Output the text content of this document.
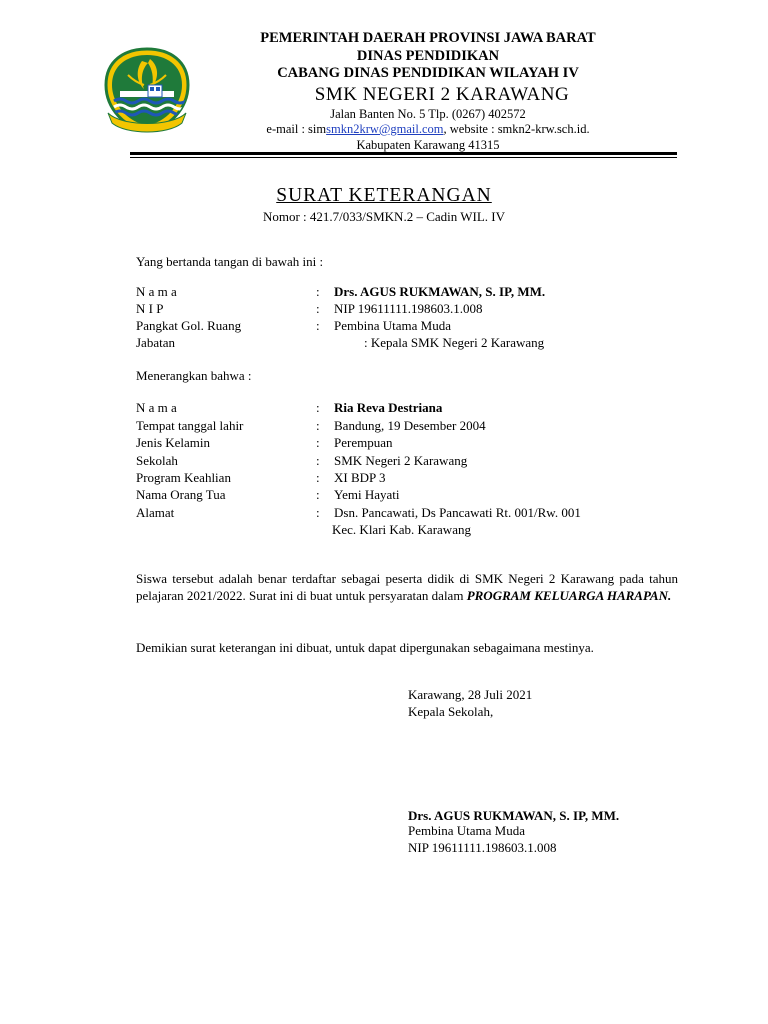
PEMERINTAH DAERAH PROVINSI JAWA BARAT
DINAS PENDIDIKAN
CABANG DINAS PENDIDIKAN WILAYAH IV
SMK NEGERI 2 KARAWANG
Jalan Banten No. 5 Tlp. (0267) 402572
e-mail : simsmkn2krw@gmail.com, website : smkn2-krw.sch.id.
Kabupaten Karawang 41315
SURAT KETERANGAN
Nomor : 421.7/033/SMKN.2 – Cadin WIL. IV
Yang bertanda tangan di bawah ini :
N a m a	: Drs. AGUS RUKMAWAN, S. IP, MM.
N I P	: NIP 19611111.198603.1.008
Pangkat Gol. Ruang	: Pembina Utama Muda
Jabatan	: Kepala SMK Negeri 2 Karawang
Menerangkan bahwa :
N a m a	: Ria Reva Destriana
Tempat tanggal lahir	: Bandung, 19 Desember 2004
Jenis Kelamin	: Perempuan
Sekolah	: SMK Negeri 2 Karawang
Program Keahlian	: XI BDP 3
Nama Orang Tua	: Yemi Hayati
Alamat	: Dsn. Pancawati, Ds Pancawati Rt. 001/Rw. 001
Kec. Klari Kab. Karawang
Siswa tersebut adalah benar terdaftar sebagai peserta didik di SMK Negeri 2 Karawang pada tahun pelajaran 2021/2022. Surat ini di buat untuk persyaratan dalam PROGRAM KELUARGA HARAPAN.
Demikian surat keterangan ini dibuat, untuk dapat dipergunakan sebagaimana mestinya.
Karawang, 28 Juli 2021
Kepala Sekolah,
Drs. AGUS RUKMAWAN, S. IP, MM.
Pembina Utama Muda
NIP 19611111.198603.1.008
